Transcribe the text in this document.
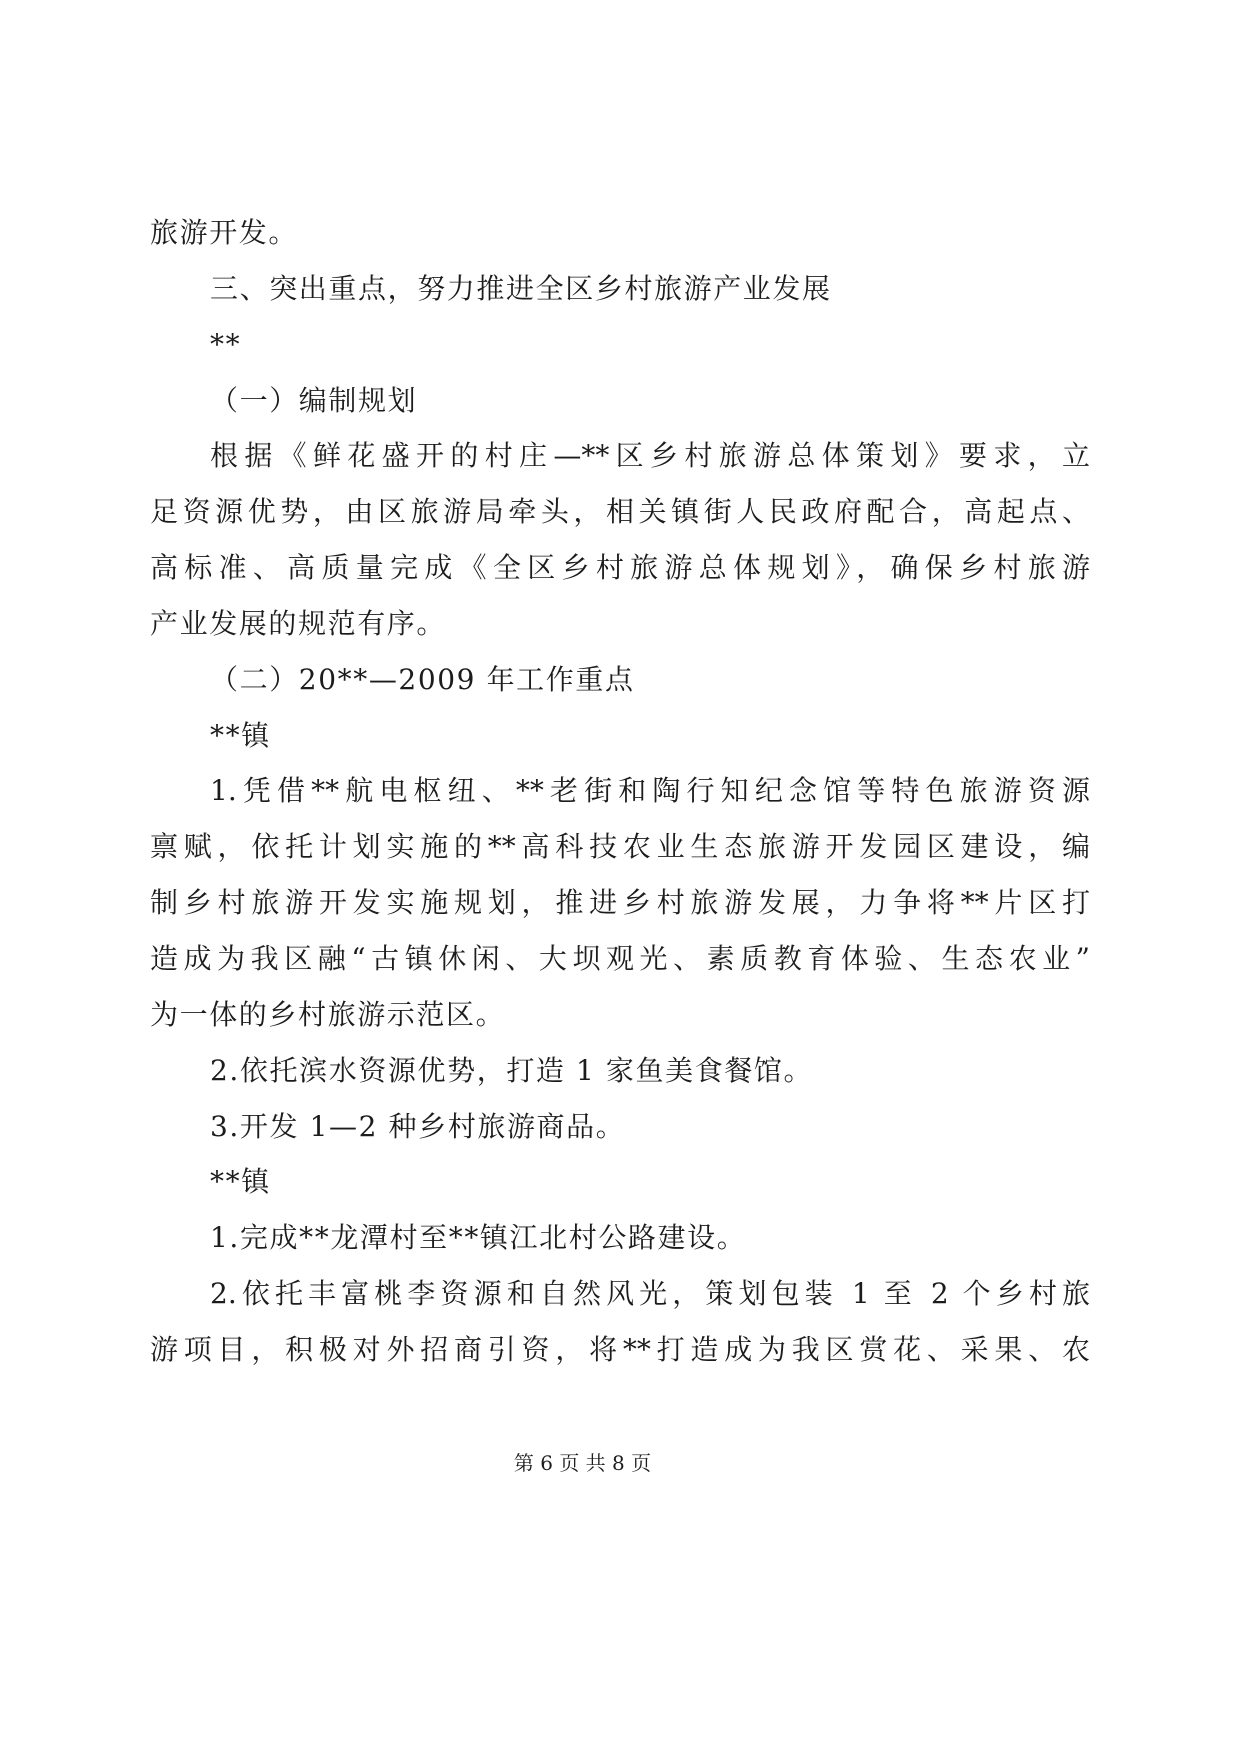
旅游开发。
三、突出重点，努力推进全区乡村旅游产业发展
**
（一）编制规划
根据《鲜花盛开的村庄—**区乡村旅游总体策划》要求，立
足资源优势，由区旅游局牵头，相关镇街人民政府配合，高起点、
高标准、高质量完成《全区乡村旅游总体规划》，确保乡村旅游
产业发展的规范有序。
（二）20**—2009 年工作重点
**镇
1.凭借**航电枢纽、**老街和陶行知纪念馆等特色旅游资源
禀赋，依托计划实施的**高科技农业生态旅游开发园区建设，编
制乡村旅游开发实施规划，推进乡村旅游发展，力争将**片区打
造成为我区融“古镇休闲、大坝观光、素质教育体验、生态农业”
为一体的乡村旅游示范区。
2.依托滨水资源优势，打造 1 家鱼美食餐馆。
3.开发 1—2 种乡村旅游商品。
**镇
1.完成**龙潭村至**镇江北村公路建设。
2.依托丰富桃李资源和自然风光，策划包装 1 至 2 个乡村旅
游项目，积极对外招商引资，将**打造成为我区赏花、采果、农
第 6 页 共 8 页
